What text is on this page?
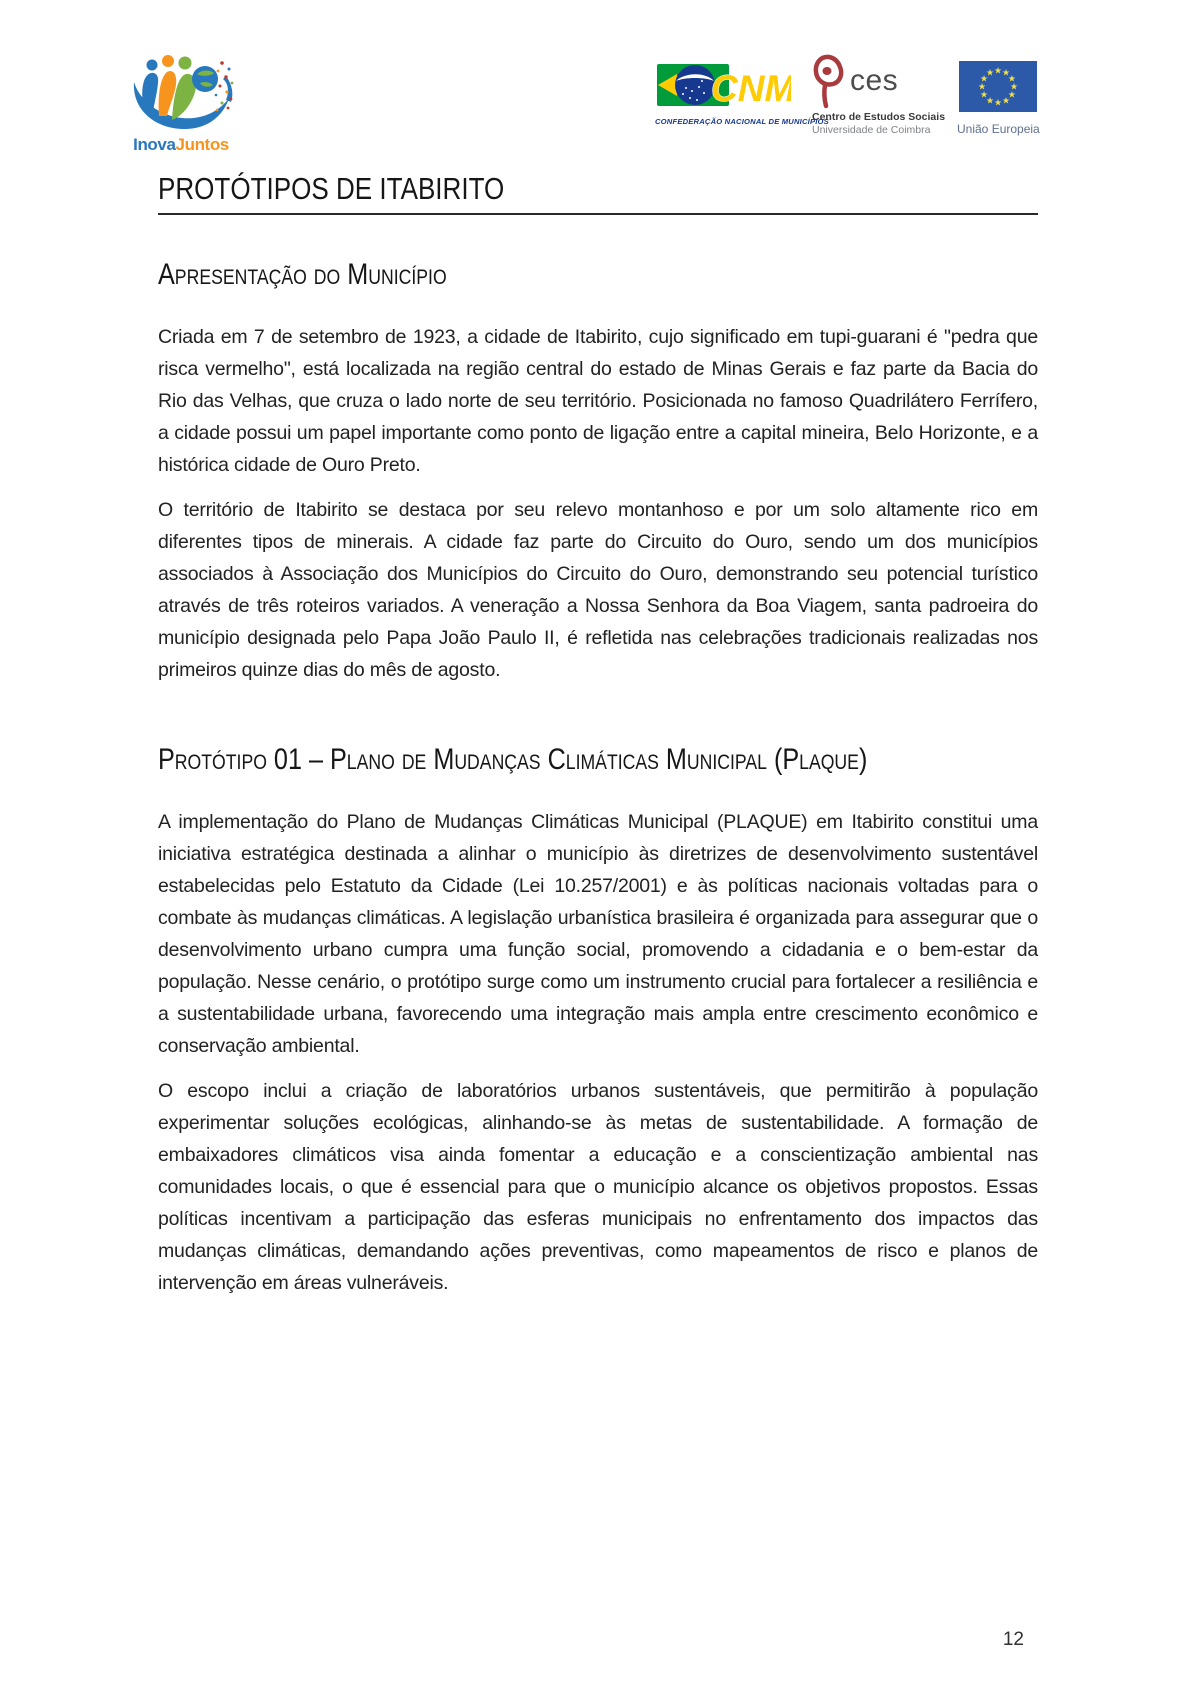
InovaJuntos
CNM
CONFEDERAÇÃO NACIONAL DE MUNICÍPIOS
ces
Centro de Estudos Sociais
Universidade de Coimbra
★ ★
★
★
★
★
★
★
★
★
★
★
União Europeia
PROTÓTIPOS DE ITABIRITO
Apresentação do Município

Criada em 7 de setembro de 1923, a cidade de Itabirito, cujo significado em tupi-guarani é "pedra que risca vermelho", está localizada na região central do estado de Minas Gerais e faz parte da Bacia do Rio das Velhas, que cruza o lado norte de seu território. Posicionada no famoso Quadrilátero Ferrífero, a cidade possui um papel importante como ponto de ligação entre a capital mineira, Belo Horizonte, e a histórica cidade de Ouro Preto.

O território de Itabirito se destaca por seu relevo montanhoso e por um solo altamente rico em diferentes tipos de minerais. A cidade faz parte do Circuito do Ouro, sendo um dos municípios associados à Associação dos Municípios do Circuito do Ouro, demonstrando seu potencial turístico através de três roteiros variados. A veneração a Nossa Senhora da Boa Viagem, santa padroeira do município designada pelo Papa João Paulo II, é refletida nas celebrações tradicionais realizadas nos primeiros quinze dias do mês de agosto.

Protótipo 01 – Plano de Mudanças Climáticas Municipal (Plaque)

A implementação do Plano de Mudanças Climáticas Municipal (PLAQUE) em Itabirito constitui uma iniciativa estratégica destinada a alinhar o município às diretrizes de desenvolvimento sustentável estabelecidas pelo Estatuto da Cidade (Lei 10.257/2001) e às políticas nacionais voltadas para o combate às mudanças climáticas. A legislação urbanística brasileira é organizada para assegurar que o desenvolvimento urbano cumpra uma função social, promovendo a cidadania e o bem-estar da população. Nesse cenário, o protótipo surge como um instrumento crucial para fortalecer a resiliência e a sustentabilidade urbana, favorecendo uma integração mais ampla entre crescimento econômico e conservação ambiental.

O escopo inclui a criação de laboratórios urbanos sustentáveis, que permitirão à população experimentar soluções ecológicas, alinhando-se às metas de sustentabilidade. A formação de embaixadores climáticos visa ainda fomentar a educação e a conscientização ambiental nas comunidades locais, o que é essencial para que o município alcance os objetivos propostos. Essas políticas incentivam a participação das esferas municipais no enfrentamento dos impactos das mudanças climáticas, demandando ações preventivas, como mapeamentos de risco e planos de intervenção em áreas vulneráveis.

12
